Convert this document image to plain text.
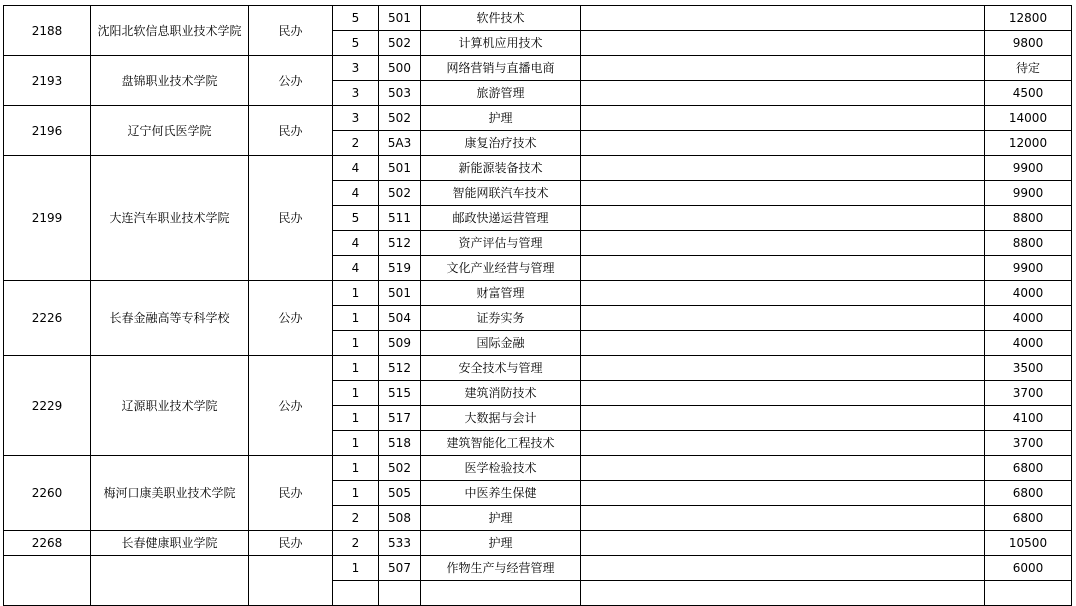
2188	沈阳北软信息职业技术学院	民办	5	501	软件技术		12800
			5	502	计算机应用技术		9800
2193	盘锦职业技术学院	公办	3	500	网络营销与直播电商		待定
			3	503	旅游管理		4500
2196	辽宁何氏医学院	民办	3	502	护理		14000
			2	5A3	康复治疗技术		12000
2199	大连汽车职业技术学院	民办	4	501	新能源装备技术		9900
			4	502	智能网联汽车技术		9900
			5	511	邮政快递运营管理		8800
			4	512	资产评估与管理		8800
			4	519	文化产业经营与管理		9900
2226	长春金融高等专科学校	公办	1	501	财富管理		4000
			1	504	证券实务		4000
			1	509	国际金融		4000
2229	辽源职业技术学院	公办	1	512	安全技术与管理		3500
			1	515	建筑消防技术		3700
			1	517	大数据与会计		4100
			1	518	建筑智能化工程技术		3700
2260	梅河口康美职业技术学院	民办	1	502	医学检验技术		6800
			1	505	中医养生保健		6800
			2	508	护理		6800
2268	长春健康职业学院	民办	2	533	护理		10500
			1	507	作物生产与经营管理		6000
